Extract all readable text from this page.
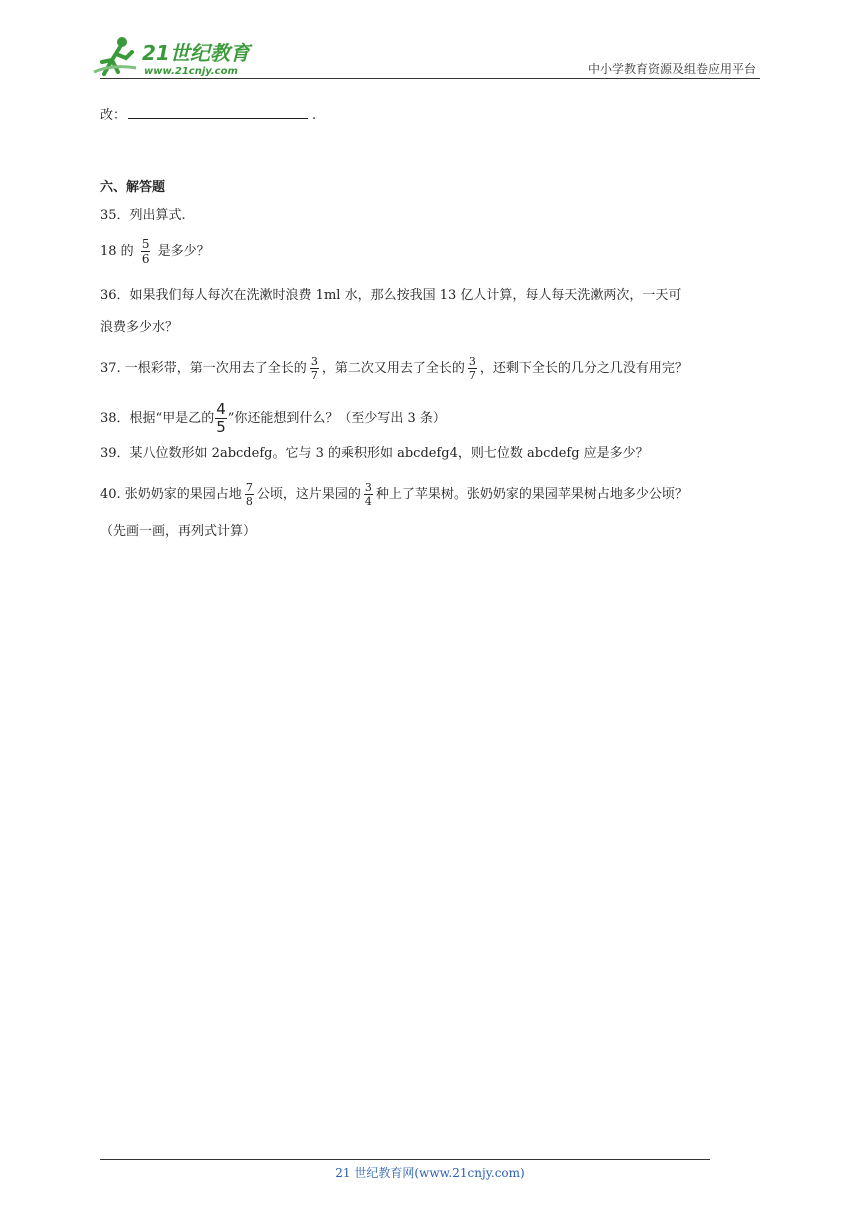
21世纪教育
www.21cnjy.com	中小学教育资源及组卷应用平台
改：	.
六、解答题
35．列出算式.
18 的 $\frac{5}{6}$ 是多少？
36．如果我们每人每次在洗漱时浪费 1ml 水，那么按我国 13 亿人计算，每人每天洗漱两次，一天可
浪费多少水？
37. 一根彩带，第一次用去了全长的 $\frac{3}{7}$ ，第二次又用去了全长的 $\frac{3}{7}$ ，还剩下全长的几分之几没有用完？
38．根据“甲是乙的 $\frac{4}{5}$ ”你还能想到什么？（至少写出 3 条）
39．某八位数形如 2abcdefg。它与 3 的乘积形如 abcdefg4，则七位数 abcdefg 应是多少？
40. 张奶奶家的果园占地 $\frac{7}{8}$ 公顷，这片果园的 $\frac{3}{4}$ 种上了苹果树。张奶奶家的果园苹果树占地多少公顷？
（先画一画，再列式计算）
21 世纪教育网(www.21cnjy.com)
